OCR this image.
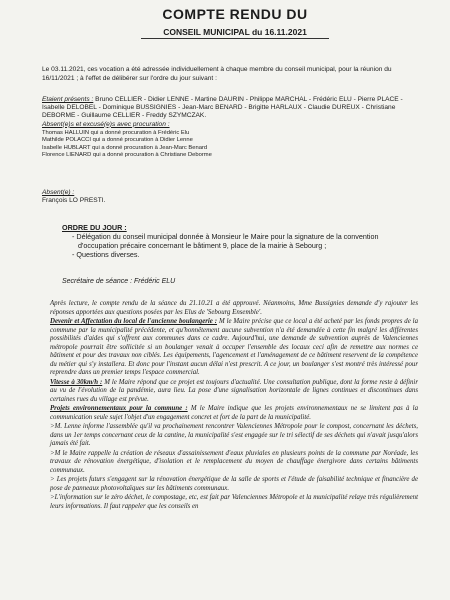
COMPTE RENDU DU
CONSEIL MUNICIPAL du 16.11.2021
Le 03.11.2021, ces vocation a été adressée individuellement à chaque membre du conseil municipal, pour la réunion du 16/11/2021 ; à l'effet de délibérer sur l'ordre du jour suivant :
Etaient présents : Bruno CELLIER - Didier LENNE - Martine DAURIN - Philippe MARCHAL - Frédéric ELU - Pierre PLACE - Isabelle DELOBEL - Dominique BUSSIGNIES - Jean-Marc BENARD - Brigitte HARLAUX - Claudie DUREUX - Christiane DEBORME - Guillaume CELLIER - Freddy SZYMCZAK.
Absent(e)s et excusé(e)s avec procuration :
Thomas HALLUIN qui a donné procuration à Frédéric Elu
Mathilde POLACCI qui a donné procuration à Didier Lenne
Isabelle HUBLART qui a donné procuration à Jean-Marc Benard
Florence LIENARD qui a donné procuration à Christiane Deborme
Absent(e) :
François LO PRESTI.
ORDRE DU JOUR :
- Délégation du conseil municipal donnée à Monsieur le Maire pour la signature de la convention d'occupation précaire concernant le bâtiment 9, place de la mairie à Sebourg ;
- Questions diverses.
Secrétaire de séance : Frédéric ELU

Après lecture, le compte rendu de la séance du 21.10.21 a été approuvé. Néanmoins, Mme Bussignies demande d'y rajouter les réponses apportées aux questions posées par les Elus de 'Sebourg Ensemble'.

Devenir et Affectation du local de l'ancienne boulangerie : M le Maire précise que ce local a été acheté par les fonds propres de la commune par la municipalité précédente, et qu'honnêtement aucune subvention n'a été demandée à cette fin malgré les différentes possibilités d'aides qui s'offrent aux communes dans ce cadre. Aujourd'hui, une demande de subvention auprès de Valenciennes métropole pourrait être sollicitée si un boulanger venait à occuper l'ensemble des locaux ceci afin de remettre aux normes ce bâtiment et pour des travaux non ciblés. Les équipements, l'agencement et l'aménagement de ce bâtiment reservent de la compétence du métier qui s'y installera. Et donc pour l'instant aucun délai n'est prescrit. A ce jour, un boulanger s'est montré très intéressé pour reprendre dans un premier temps l'espace commercial.

Vitesse à 30km/h : M le Maire répond que ce projet est toujours d'actualité. Une consultation publique, dont la forme reste à définir au vu de l'évolution de la pandémie, aura lieu. La pose d'une signalisation horizontale de lignes continues et discontinues dans certaines rues du village est prévue.

Projets environnementaux pour la commune : M le Maire indique que les projets environnementaux ne se limitent pas à la communication seule sujet l'objet d'un engagement concret et fort de la part de la municipalité.

>M. Lenne informe l'assemblée qu'il va prochainement rencontrer Valenciennes Métropole pour le compost, concernant les déchets, dans un 1er temps concernant ceux de la cantine, la municipalité s'est engagée sur le tri sélectif de ses déchets qui n'avait jusqu'alors jamais été fait.

>M le Maire rappelle la création de réseaux d'assainissement d'eaux pluviales en plusieurs points de la commune par Noréade, les travaux de rénovation énergétique, d'isolation et le remplacement du moyen de chauffage énergivore dans certains bâtiments communaux.

> Les projets futurs s'engagent sur la rénovation énergétique de la salle de sports et l'étude de faisabilité technique et financière de pose de panneaux photovoltaïques sur les bâtiments communaux.

>L'information sur le zéro déchet, le compostage, etc, est fait par Valenciennes Métropole et la municipalité relaye très régulièrement leurs informations. Il faut rappeler que les conseils en
